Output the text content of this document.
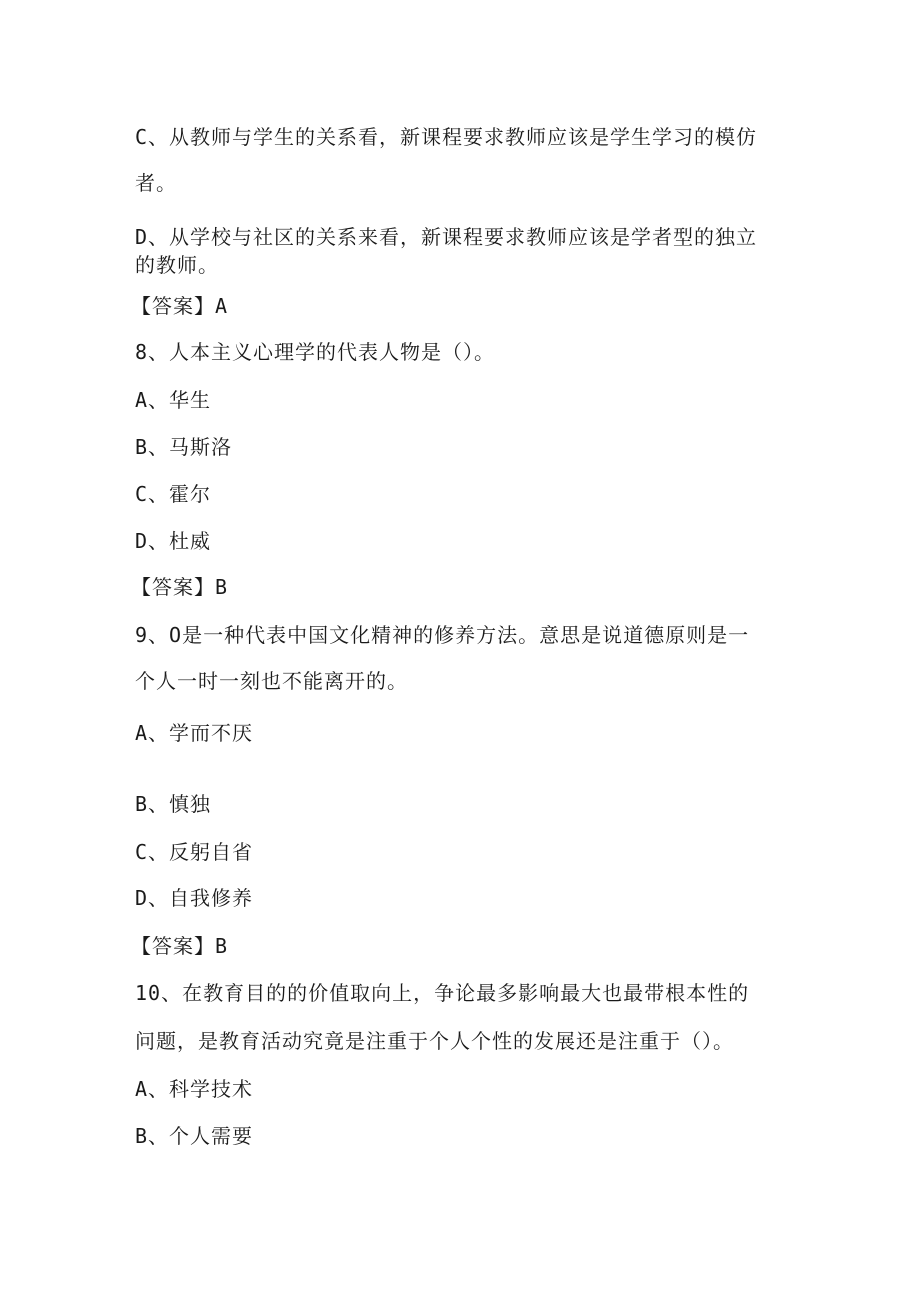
C、从教师与学生的关系看，新课程要求教师应该是学生学习的模仿
者。
D、从学校与社区的关系来看，新课程要求教师应该是学者型的独立
的教师。
【答案】A
8、人本主义心理学的代表人物是（）。
A、华生
B、马斯洛
C、霍尔
D、杜威
【答案】B
9、O是一种代表中国文化精神的修养方法。意思是说道德原则是一
个人一时一刻也不能离开的。
A、学而不厌
B、慎独
C、反躬自省
D、自我修养
【答案】B
10、在教育目的的价值取向上，争论最多影响最大也最带根本性的
问题，是教育活动究竟是注重于个人个性的发展还是注重于（）。
A、科学技术
B、个人需要
